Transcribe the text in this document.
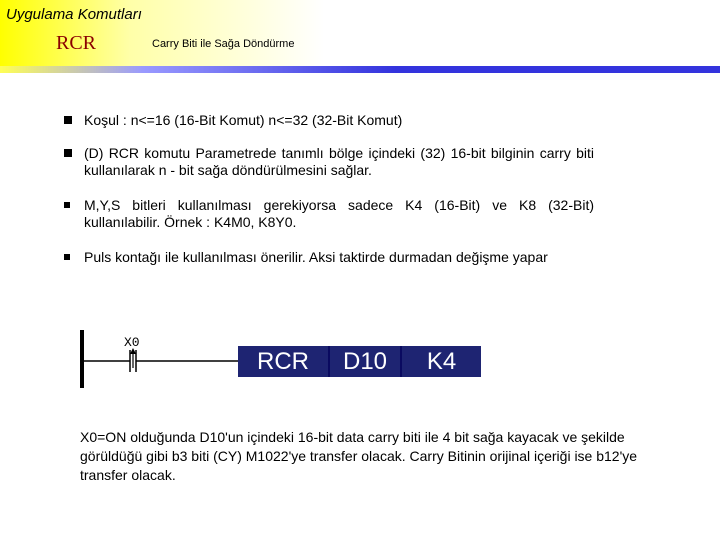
Uygulama Komutları
RCR	Carry Biti ile Sağa Döndürme
Koşul : n<=16 (16-Bit Komut) n<=32 (32-Bit Komut)
(D) RCR komutu Parametrede tanımlı bölge içindeki (32) 16-bit bilginin carry biti kullanılarak n - bit sağa döndürülmesini sağlar.
M,Y,S bitleri kullanılması gerekiyorsa sadece K4 (16-Bit) ve K8 (32-Bit) kullanılabilir. Örnek : K4M0, K8Y0.
Puls kontağı ile kullanılması önerilir. Aksi taktirde durmadan değişme yapar
X0
RCR	D10	K4

X0=ON olduğunda D10'un içindeki 16-bit data carry biti ile 4 bit sağa kayacak ve şekilde görüldüğü gibi b3 biti (CY) M1022'ye transfer olacak. Carry Bitinin orijinal içeriği ise b12'ye transfer olacak.
